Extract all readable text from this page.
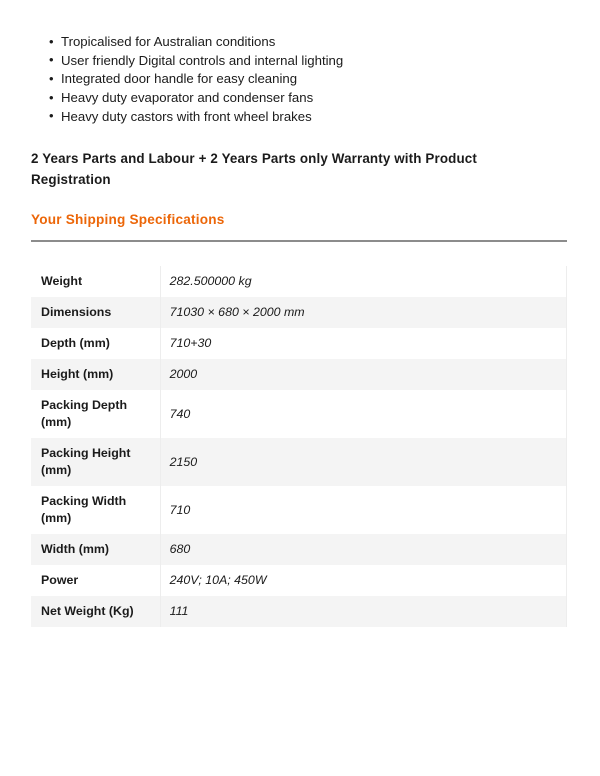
• Tropicalised for Australian conditions
• User friendly Digital controls and internal lighting
• Integrated door handle for easy cleaning
• Heavy duty evaporator and condenser fans
• Heavy duty castors with front wheel brakes
2 Years Parts and Labour + 2 Years Parts only Warranty with Product Registration
Your Shipping Specifications
Weight	282.500000 kg
Dimensions	71030 × 680 × 2000 mm
Depth (mm)	710+30
Height (mm)	2000
Packing Depth (mm)	740
Packing Height (mm)	2150
Packing Width (mm)	710
Width (mm)	680
Power	240V; 10A; 450W
Net Weight (Kg)	111
